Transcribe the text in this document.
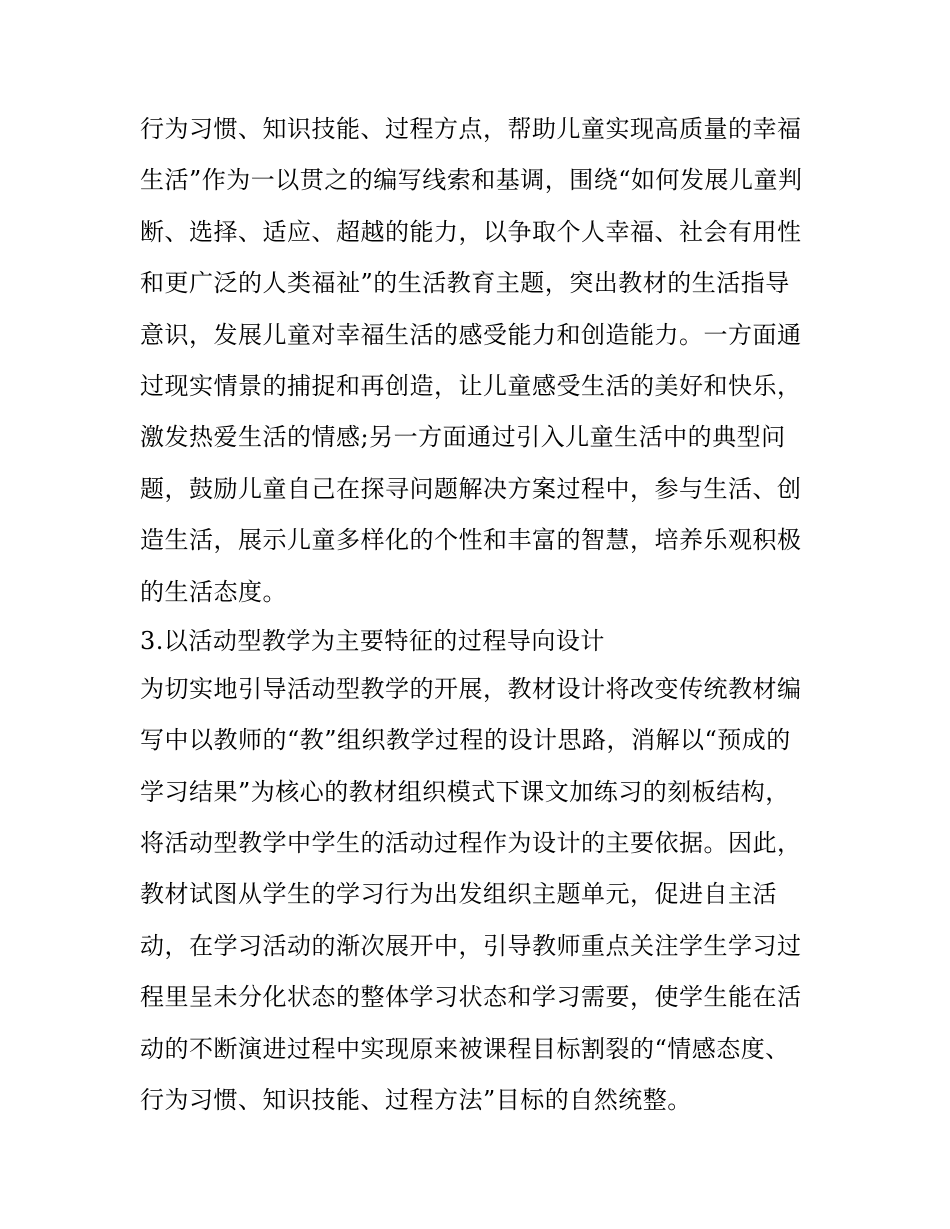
行为习惯、知识技能、过程方点，帮助儿童实现高质量的幸福
生活”作为一以贯之的编写线索和基调，围绕“如何发展儿童判
断、选择、适应、超越的能力，以争取个人幸福、社会有用性
和更广泛的人类福祉”的生活教育主题，突出教材的生活指导
意识，发展儿童对幸福生活的感受能力和创造能力。一方面通
过现实情景的捕捉和再创造，让儿童感受生活的美好和快乐，
激发热爱生活的情感;另一方面通过引入儿童生活中的典型问
题，鼓励儿童自己在探寻问题解决方案过程中，参与生活、创
造生活，展示儿童多样化的个性和丰富的智慧，培养乐观积极
的生活态度。
3.以活动型教学为主要特征的过程导向设计
为切实地引导活动型教学的开展，教材设计将改变传统教材编
写中以教师的“教”组织教学过程的设计思路，消解以“预成的
学习结果”为核心的教材组织模式下课文加练习的刻板结构，
将活动型教学中学生的活动过程作为设计的主要依据。因此，
教材试图从学生的学习行为出发组织主题单元，促进自主活
动，在学习活动的渐次展开中，引导教师重点关注学生学习过
程里呈未分化状态的整体学习状态和学习需要，使学生能在活
动的不断演进过程中实现原来被课程目标割裂的“情感态度、
行为习惯、知识技能、过程方法”目标的自然统整。
